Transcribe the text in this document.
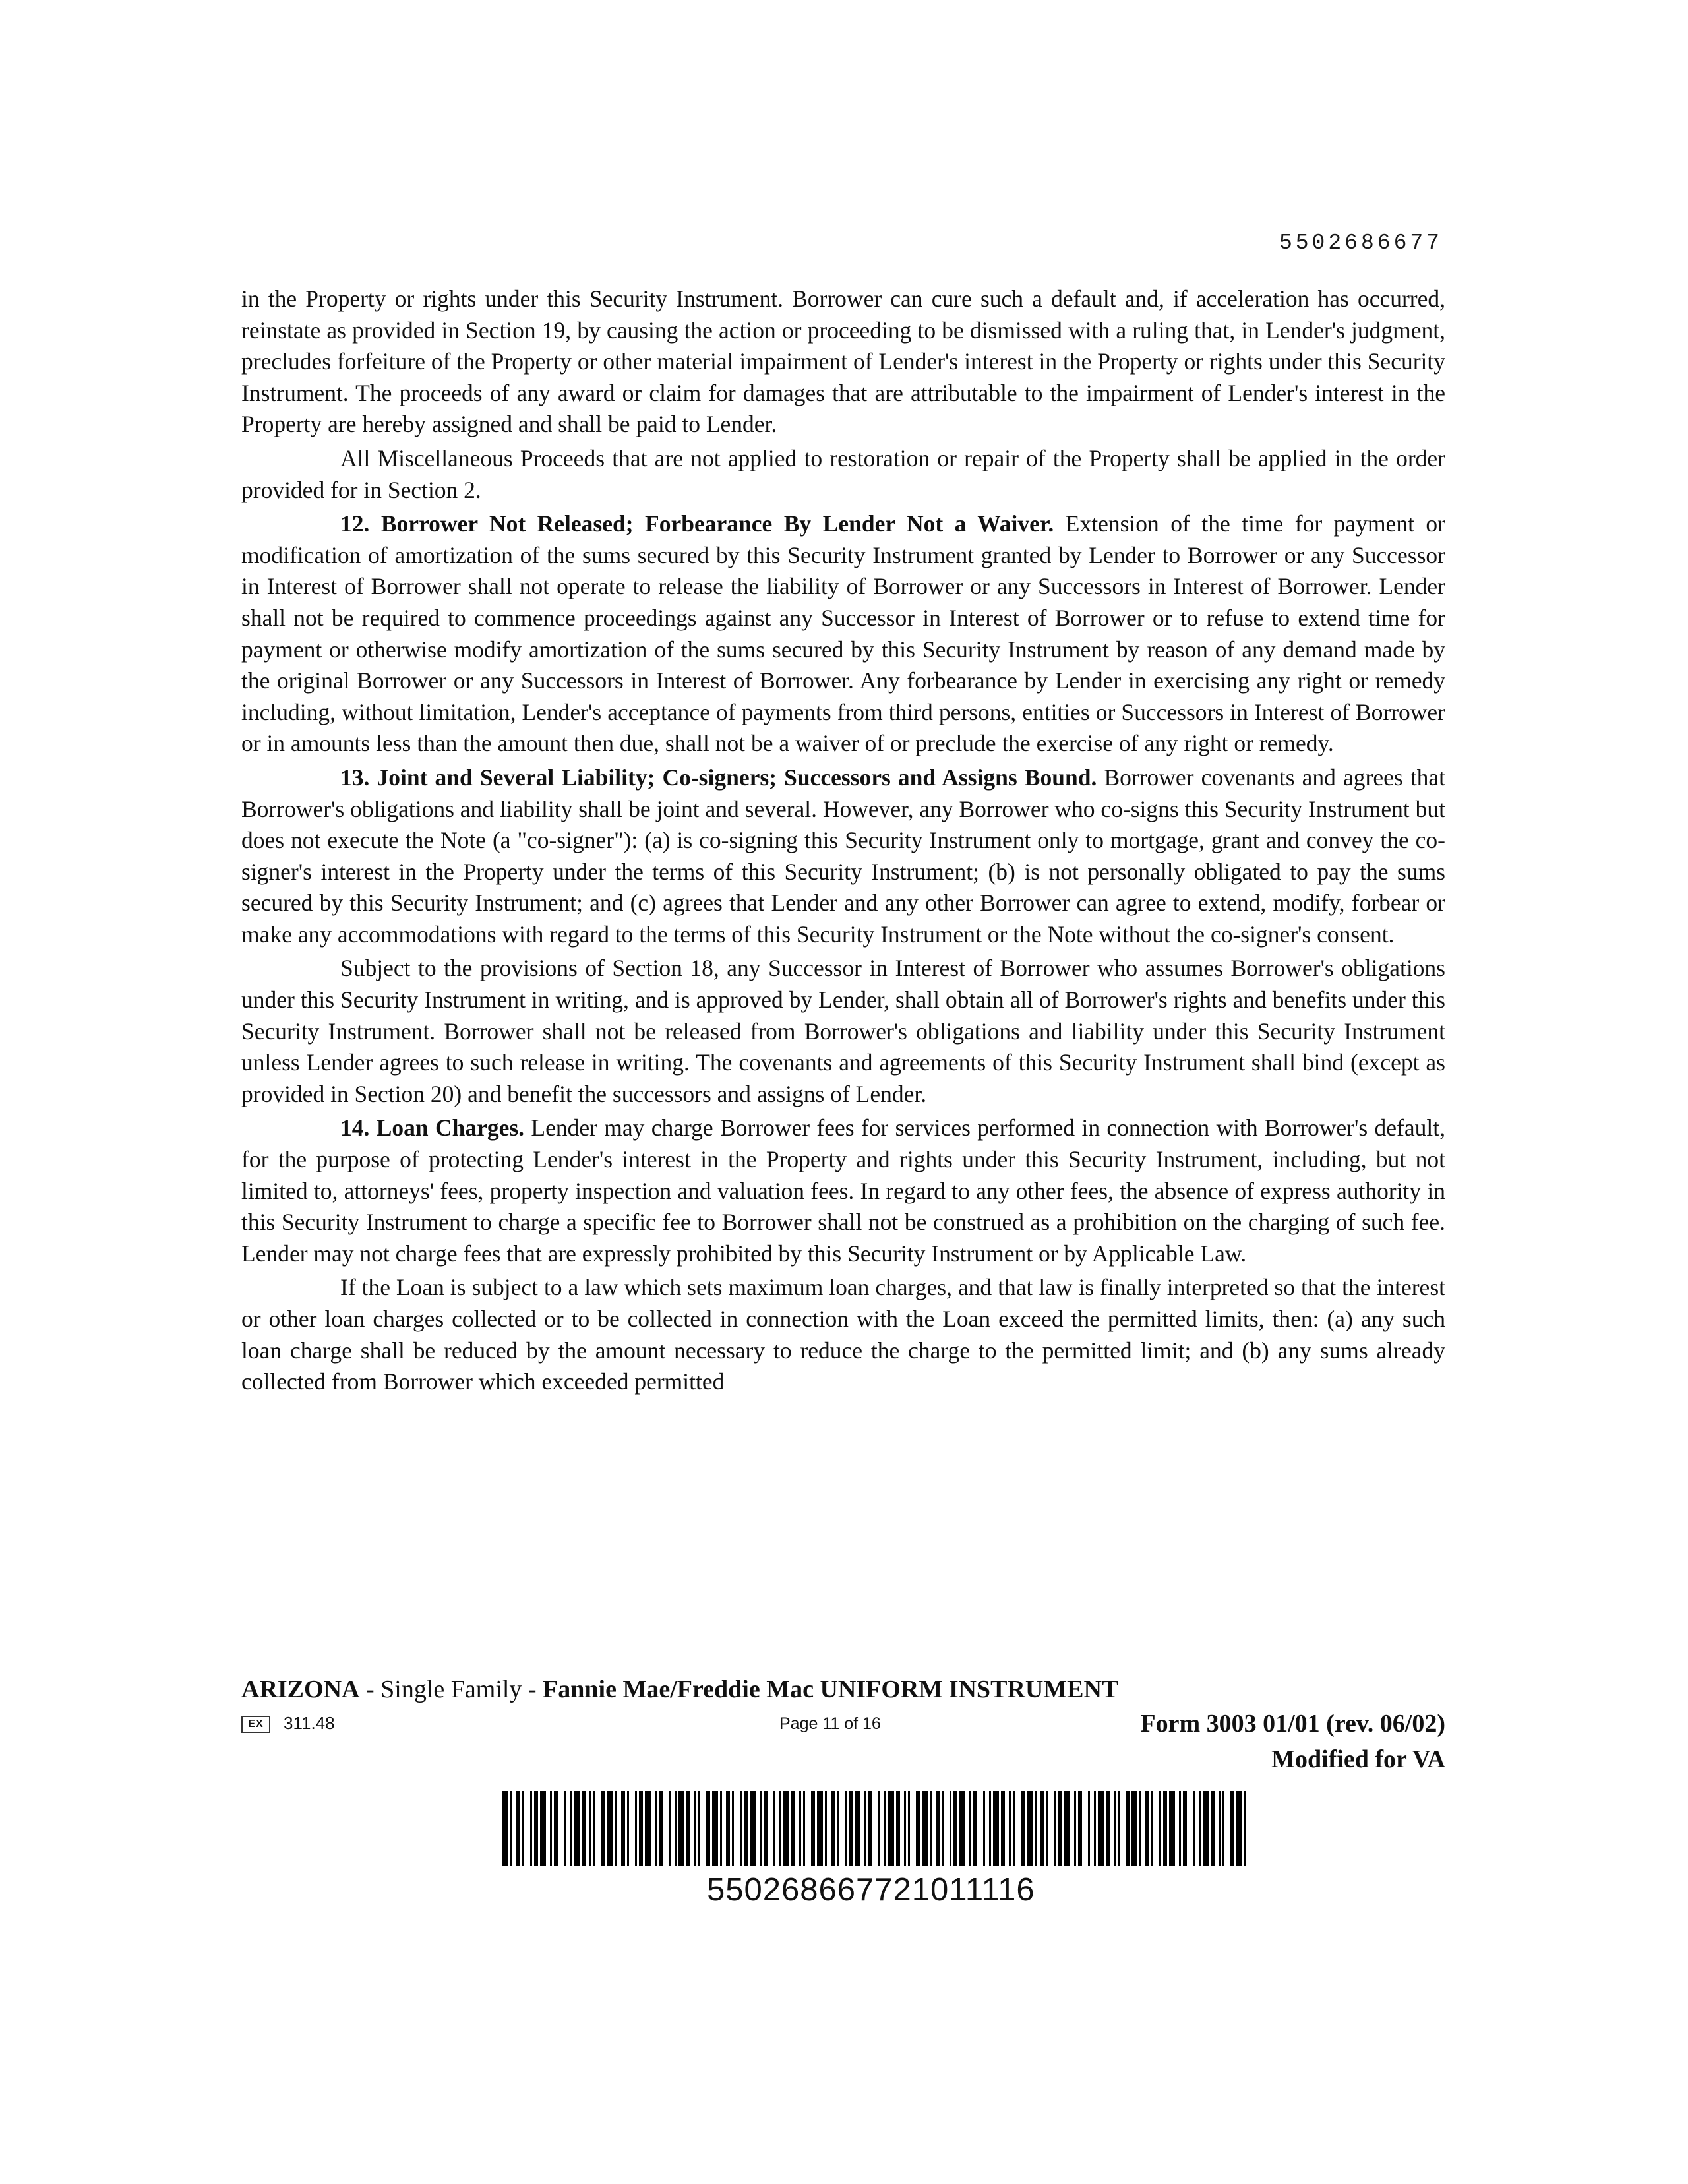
5502686677

in the Property or rights under this Security Instrument. Borrower can cure such a default and, if acceleration has occurred, reinstate as provided in Section 19, by causing the action or proceeding to be dismissed with a ruling that, in Lender's judgment, precludes forfeiture of the Property or other material impairment of Lender's interest in the Property or rights under this Security Instrument. The proceeds of any award or claim for damages that are attributable to the impairment of Lender's interest in the Property are hereby assigned and shall be paid to Lender.

All Miscellaneous Proceeds that are not applied to restoration or repair of the Property shall be applied in the order provided for in Section 2.

12. Borrower Not Released; Forbearance By Lender Not a Waiver. Extension of the time for payment or modification of amortization of the sums secured by this Security Instrument granted by Lender to Borrower or any Successor in Interest of Borrower shall not operate to release the liability of Borrower or any Successors in Interest of Borrower. Lender shall not be required to commence proceedings against any Successor in Interest of Borrower or to refuse to extend time for payment or otherwise modify amortization of the sums secured by this Security Instrument by reason of any demand made by the original Borrower or any Successors in Interest of Borrower. Any forbearance by Lender in exercising any right or remedy including, without limitation, Lender's acceptance of payments from third persons, entities or Successors in Interest of Borrower or in amounts less than the amount then due, shall not be a waiver of or preclude the exercise of any right or remedy.

13. Joint and Several Liability; Co-signers; Successors and Assigns Bound. Borrower covenants and agrees that Borrower's obligations and liability shall be joint and several. However, any Borrower who co-signs this Security Instrument but does not execute the Note (a "co-signer"): (a) is co-signing this Security Instrument only to mortgage, grant and convey the co-signer's interest in the Property under the terms of this Security Instrument; (b) is not personally obligated to pay the sums secured by this Security Instrument; and (c) agrees that Lender and any other Borrower can agree to extend, modify, forbear or make any accommodations with regard to the terms of this Security Instrument or the Note without the co-signer's consent.

Subject to the provisions of Section 18, any Successor in Interest of Borrower who assumes Borrower's obligations under this Security Instrument in writing, and is approved by Lender, shall obtain all of Borrower's rights and benefits under this Security Instrument. Borrower shall not be released from Borrower's obligations and liability under this Security Instrument unless Lender agrees to such release in writing. The covenants and agreements of this Security Instrument shall bind (except as provided in Section 20) and benefit the successors and assigns of Lender.

14. Loan Charges. Lender may charge Borrower fees for services performed in connection with Borrower's default, for the purpose of protecting Lender's interest in the Property and rights under this Security Instrument, including, but not limited to, attorneys' fees, property inspection and valuation fees. In regard to any other fees, the absence of express authority in this Security Instrument to charge a specific fee to Borrower shall not be construed as a prohibition on the charging of such fee. Lender may not charge fees that are expressly prohibited by this Security Instrument or by Applicable Law.

If the Loan is subject to a law which sets maximum loan charges, and that law is finally interpreted so that the interest or other loan charges collected or to be collected in connection with the Loan exceed the permitted limits, then: (a) any such loan charge shall be reduced by the amount necessary to reduce the charge to the permitted limit; and (b) any sums already collected from Borrower which exceeded permitted

ARIZONA - Single Family - Fannie Mae/Freddie Mac UNIFORM INSTRUMENT
EX	311.48	Page 11 of 16	Form 3003 01/01 (rev. 06/02)
Modified for VA
550268667721011116
